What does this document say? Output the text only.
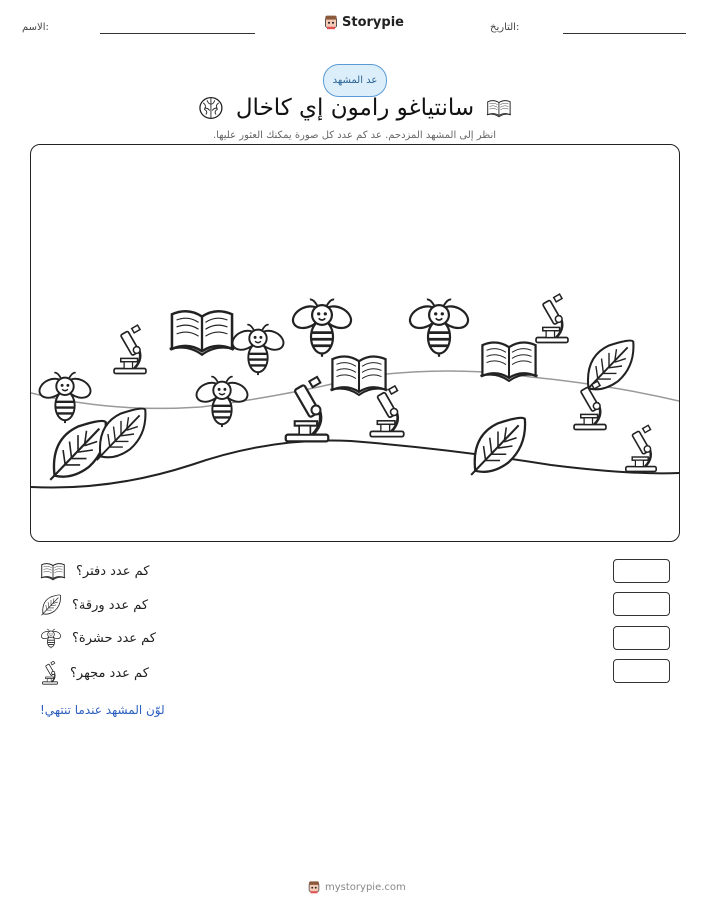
الاسم:	Storypie	التاريخ:
عد المشهد
سانتياغو رامون إي كاخال
انظر إلى المشهد المزدحم. عد كم عدد كل صورة يمكنك العثور عليها.
كم عدد دفتر؟
كم عدد ورقة؟
كم عدد حشرة؟
كم عدد مجهر؟
لوّن المشهد عندما تنتهي!
mystorypie.com
